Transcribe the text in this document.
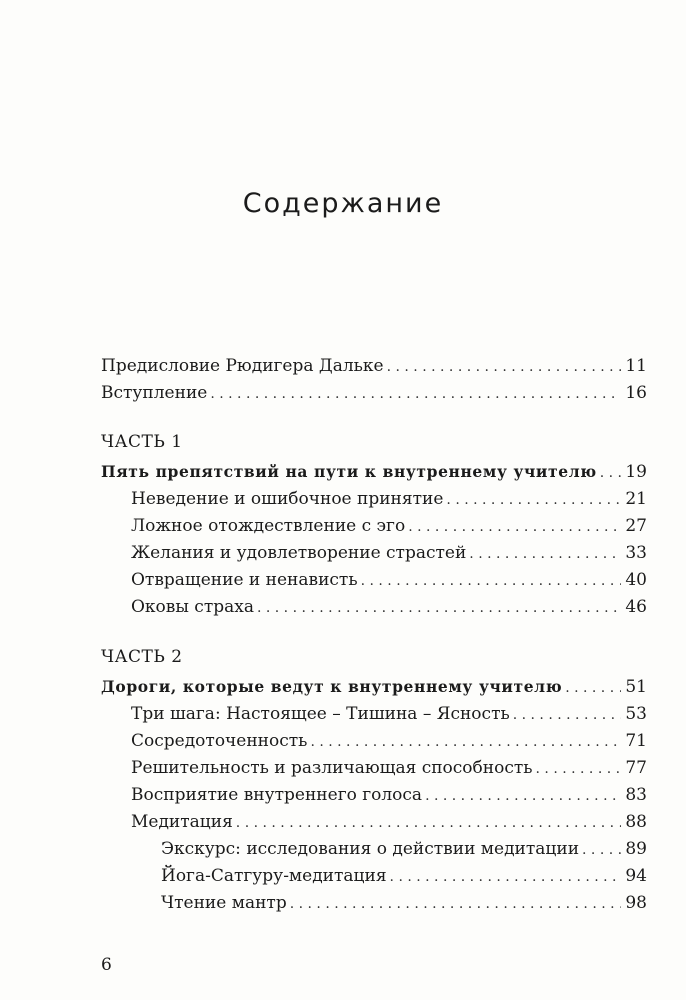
Содержание
Предисловие Рюдигера Дальке . . .	11
Вступление . . .	16
ЧАСТЬ 1
Пять препятствий на пути к внутреннему учителю . . . 19
Неведение и ошибочное принятие . . .	21
Ложное отождествление с эго . . .	27
Желания и удовлетворение страстей . . .	33
Отвращение и ненависть . . .	40
Оковы страха . . .	46
ЧАСТЬ 2
Дороги, которые ведут к внутреннему учителю . . .	51
Три шага: Настоящее – Тишина – Ясность . . .	53
Сосредоточенность . . .	71
Решительность и различающая способность . . .	77
Восприятие внутреннего голоса . . .	83
Медитация . . .	88
Экскурс: исследования о действии медитации . . .	89
Йога-Сатгуру-медитация . . .	94
Чтение мантр . . .	98
6
